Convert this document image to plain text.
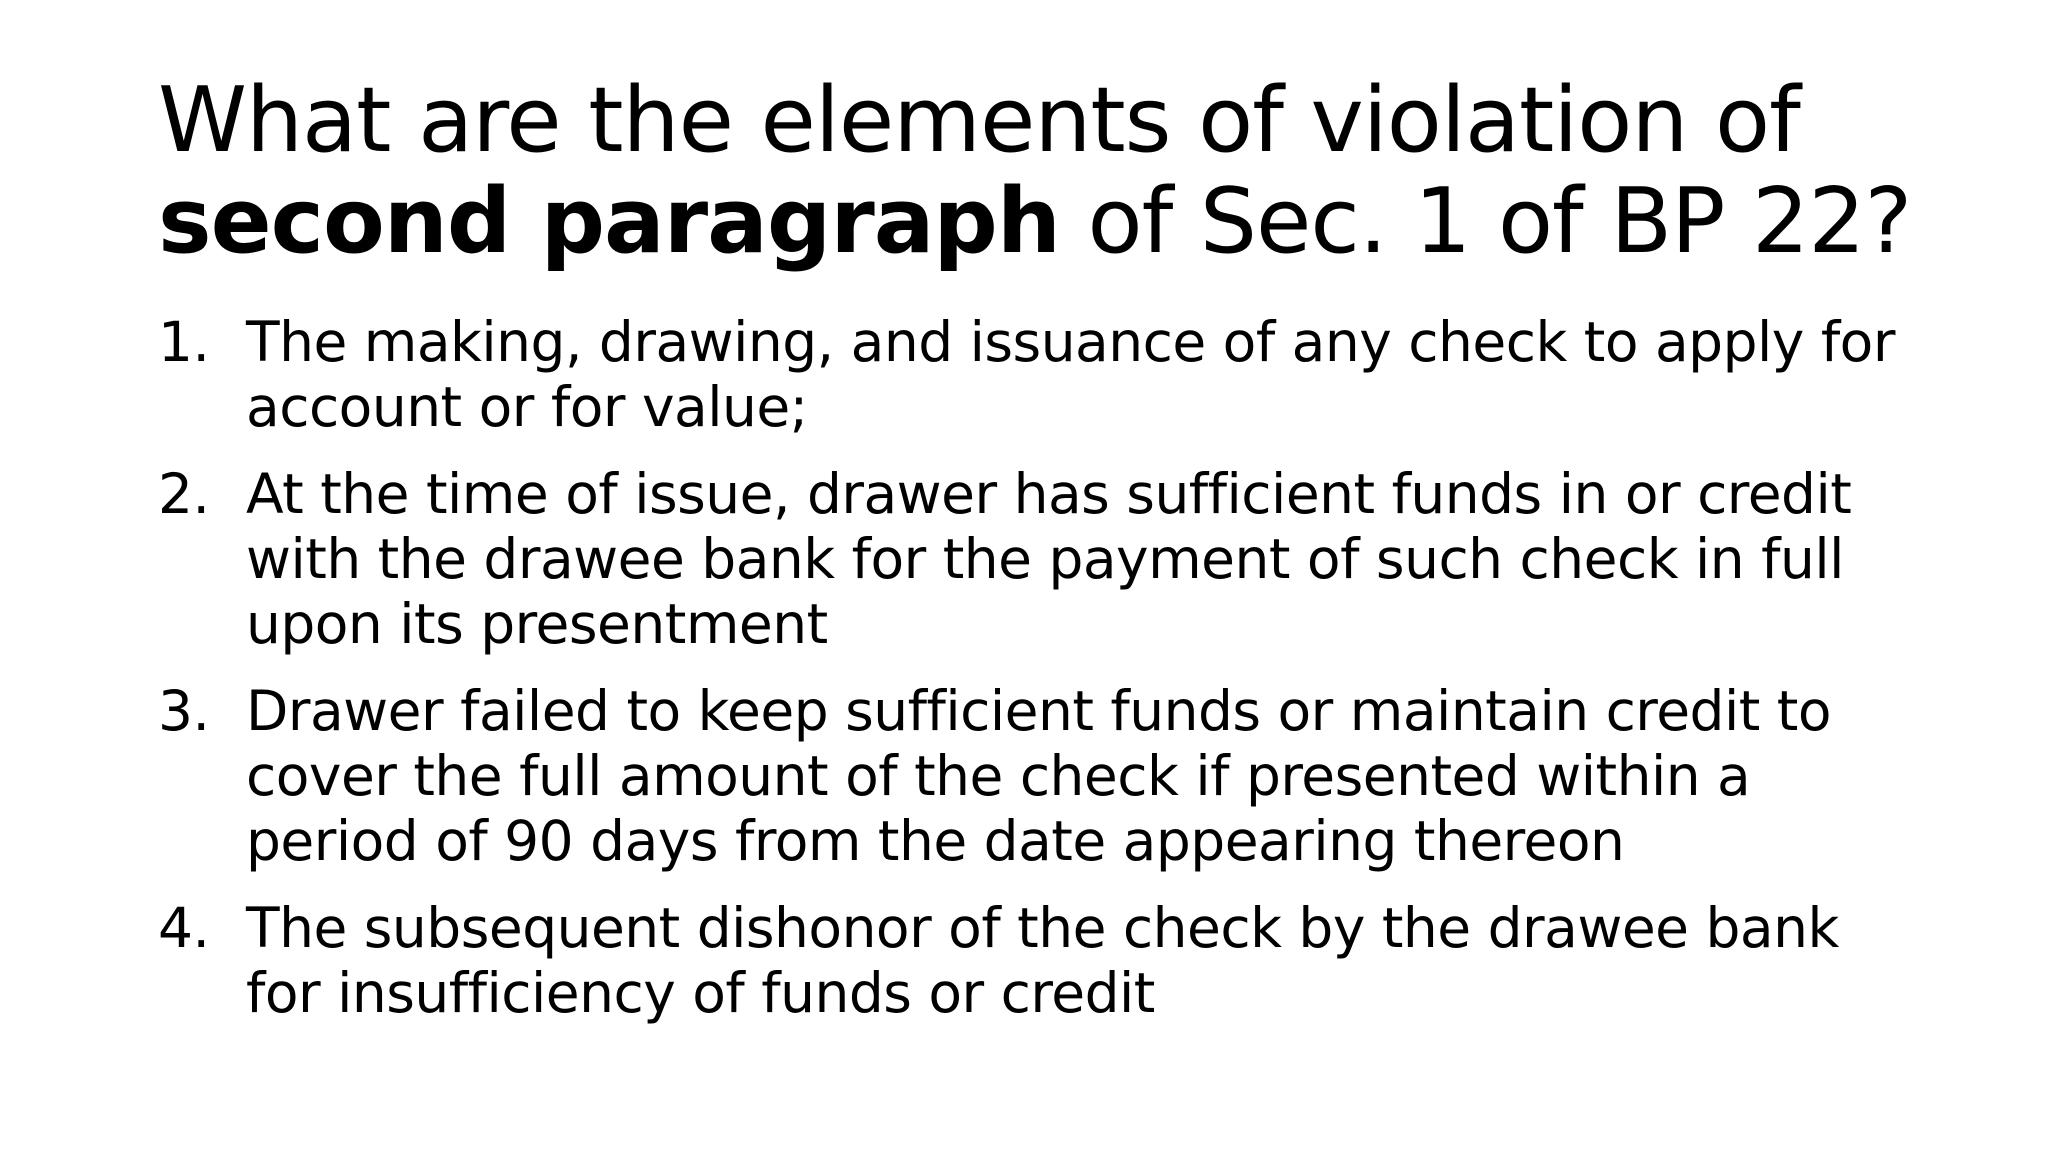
What are the elements of violation of
second paragraph of Sec. 1 of BP 22?
1. The making, drawing, and issuance of any check to apply for account or for value;
2. At the time of issue, drawer has sufficient funds in or credit with the drawee bank for the payment of such check in full upon its presentment
3. Drawer failed to keep sufficient funds or maintain credit to cover the full amount of the check if presented within a period of 90 days from the date appearing thereon
4. The subsequent dishonor of the check by the drawee bank for insufficiency of funds or credit
